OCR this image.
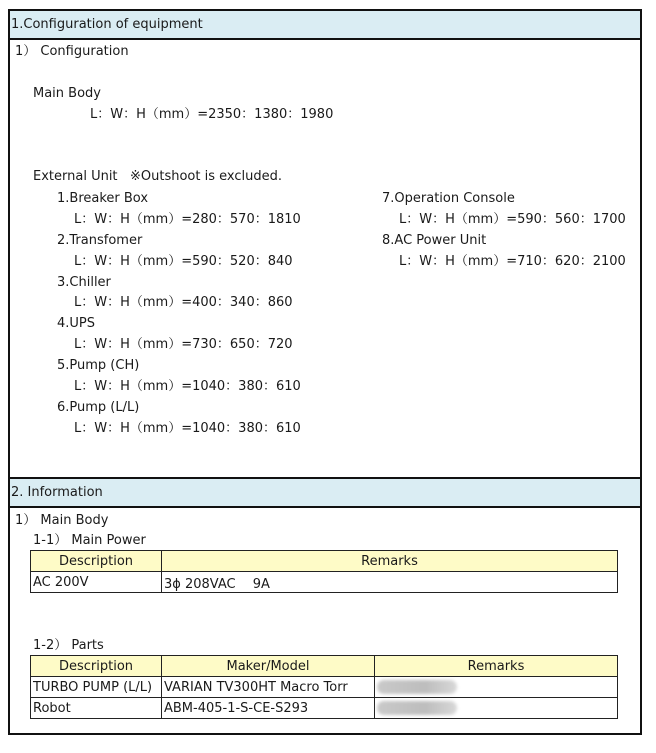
1.Configuration of equipment
1） Configuration
Main Body
L：W：H（mm）=2350：1380：1980
External Unit ※Outshoot is excluded.
1.Breaker Box
L：W：H（mm）=280：570：1810
2.Transfomer
L：W：H（mm）=590：520：840
3.Chiller
L：W：H（mm）=400：340：860
4.UPS
L：W：H（mm）=730：650：720
5.Pump (CH)
L：W：H（mm）=1040：380：610
6.Pump (L/L)
L：W：H（mm）=1040：380：610
7.Operation Console
L：W：H（mm）=590：560：1700
8.AC Power Unit
L：W：H（mm）=710：620：2100
2. Information
1） Main Body
1-1） Main Power
Description	Remarks
AC 200V	3ϕ 208VAC　 9A
1-2） Parts
Description	Maker/Model	Remarks
TURBO PUMP (L/L)	VARIAN TV300HT Macro Torr	
Robot	ABM-405-1-S-CE-S293	
